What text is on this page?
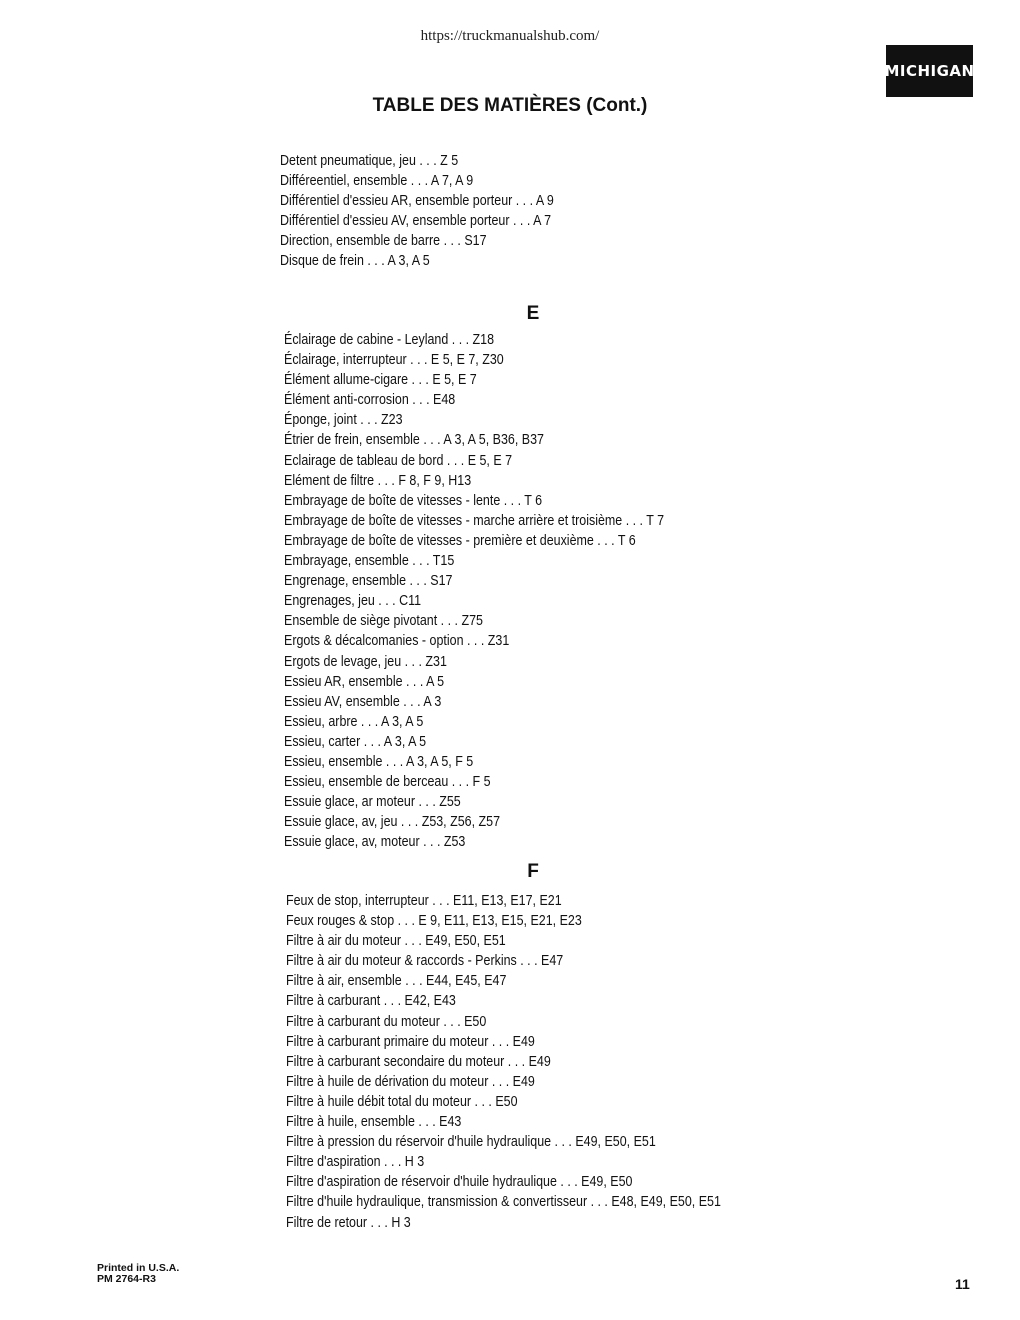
https://truckmanualshub.com/
MICHIGAN
TABLE DES MATIÈRES (Cont.)
Detent pneumatique, jeu . . . Z 5
Différeentiel, ensemble . . . A 7, A 9
Différentiel d'essieu AR, ensemble porteur . . . A 9
Différentiel d'essieu AV, ensemble porteur . . . A 7
Direction, ensemble de barre . . . S17
Disque de frein . . . A 3, A 5
E
Éclairage de cabine - Leyland . . . Z18
Éclairage, interrupteur . . . E 5, E 7, Z30
Élément allume-cigare . . . E 5, E 7
Élément anti-corrosion . . . E48
Éponge, joint . . . Z23
Étrier de frein, ensemble . . . A 3, A 5, B36, B37
Eclairage de tableau de bord . . . E 5, E 7
Elément de filtre . . . F 8, F 9, H13
Embrayage de boîte de vitesses - lente . . . T 6
Embrayage de boîte de vitesses - marche arrière et troisième . . . T 7
Embrayage de boîte de vitesses - première et deuxième . . . T 6
Embrayage, ensemble . . . T15
Engrenage, ensemble . . . S17
Engrenages, jeu . . . C11
Ensemble de siège pivotant . . . Z75
Ergots & décalcomanies - option . . . Z31
Ergots de levage, jeu . . . Z31
Essieu AR, ensemble . . . A 5
Essieu AV, ensemble . . . A 3
Essieu, arbre . . . A 3, A 5
Essieu, carter . . . A 3, A 5
Essieu, ensemble . . . A 3, A 5, F 5
Essieu, ensemble de berceau . . . F 5
Essuie glace, ar moteur . . . Z55
Essuie glace, av, jeu . . . Z53, Z56, Z57
Essuie glace, av, moteur . . . Z53
F
Feux de stop, interrupteur . . . E11, E13, E17, E21
Feux rouges & stop . . . E 9, E11, E13, E15, E21, E23
Filtre à air du moteur . . . E49, E50, E51
Filtre à air du moteur & raccords - Perkins . . . E47
Filtre à air, ensemble . . . E44, E45, E47
Filtre à carburant . . . E42, E43
Filtre à carburant du moteur . . . E50
Filtre à carburant primaire du moteur . . . E49
Filtre à carburant secondaire du moteur . . . E49
Filtre à huile de dérivation du moteur . . . E49
Filtre à huile débit total du moteur . . . E50
Filtre à huile, ensemble . . . E43
Filtre à pression du réservoir d'huile hydraulique . . . E49, E50, E51
Filtre d'aspiration . . . H 3
Filtre d'aspiration de réservoir d'huile hydraulique . . . E49, E50
Filtre d'huile hydraulique, transmission & convertisseur . . . E48, E49, E50, E51
Filtre de retour . . . H 3
Printed in U.S.A.
PM 2764-R3	11
